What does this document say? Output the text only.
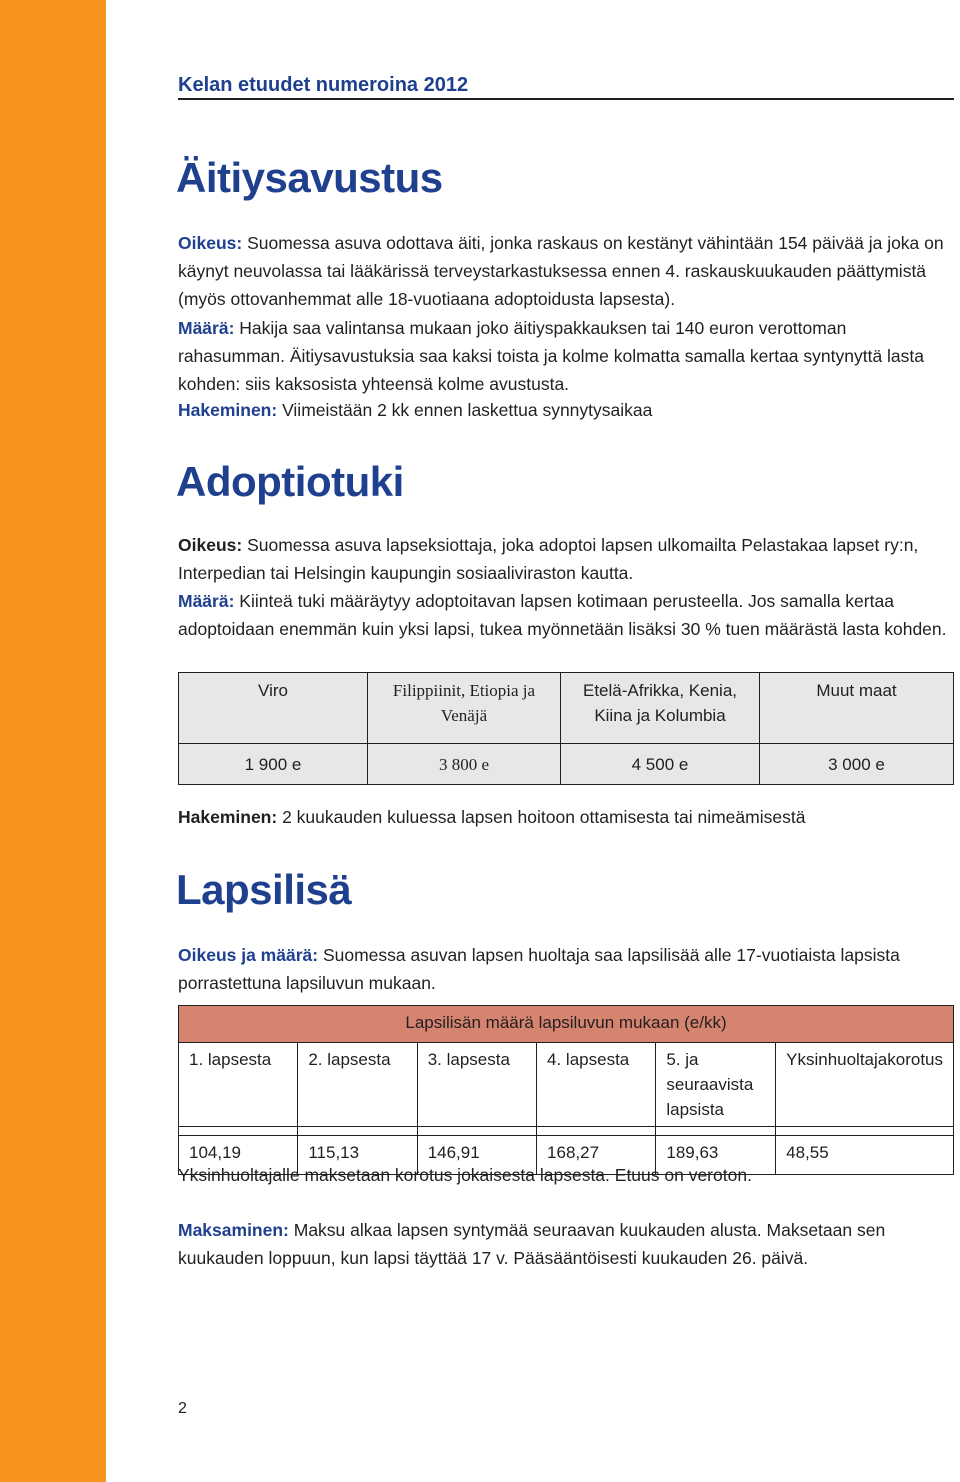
Kelan etuudet numeroina 2012
Äitiysavustus

Oikeus: Suomessa asuva odottava äiti, jonka raskaus on kestänyt vähintään 154 päivää ja joka on käynyt neuvolassa tai lääkärissä terveystarkastuksessa ennen 4. raskauskuukauden päättymistä (myös ottovanhemmat alle 18-vuotiaana adoptoidusta lapsesta).

Määrä: Hakija saa valintansa mukaan joko äitiyspakkauksen tai 140 euron verottoman rahasumman. Äitiysavustuksia saa kaksi toista ja kolme kolmatta samalla kertaa syntynyttä lasta kohden: siis kaksosista yhteensä kolme avustusta.

Hakeminen: Viimeistään 2 kk ennen laskettua synnytysaikaa

Adoptiotuki

Oikeus: Suomessa asuva lapseksiottaja, joka adoptoi lapsen ulkomailta Pelastakaa lapset ry:n, Interpedian tai Helsingin kaupungin sosiaaliviraston kautta.

Määrä: Kiinteä tuki määräytyy adoptoitavan lapsen kotimaan perusteella. Jos samalla kertaa adoptoidaan enemmän kuin yksi lapsi, tukea myönnetään lisäksi 30 % tuen määrästä lasta kohden.

Viro	Filippiinit, Etiopia ja Venäjä	Etelä-Afrikka, Kenia, Kiina ja Kolumbia	Muut maat
1 900 e	3 800 e	4 500 e	3 000 e

Hakeminen: 2 kuukauden kuluessa lapsen hoitoon ottamisesta tai nimeämisestä

Lapsilisä

Oikeus ja määrä: Suomessa asuvan lapsen huoltaja saa lapsilisää alle 17-vuotiaista lapsista porrastettuna lapsiluvun mukaan.

Lapsilisän määrä lapsiluvun mukaan (e/kk)					
1. lapsesta	2. lapsesta	3. lapsesta	4. lapsesta	5. ja seuraavista lapsista	Yksinhuoltajakorotus

104,19	115,13	146,91	168,27	189,63	48,55

Yksinhuoltajalle maksetaan korotus jokaisesta lapsesta. Etuus on veroton.

Maksaminen: Maksu alkaa lapsen syntymää seuraavan kuukauden alusta. Maksetaan sen kuukauden loppuun, kun lapsi täyttää 17 v. Pääsääntöisesti kuukauden 26. päivä.

2
